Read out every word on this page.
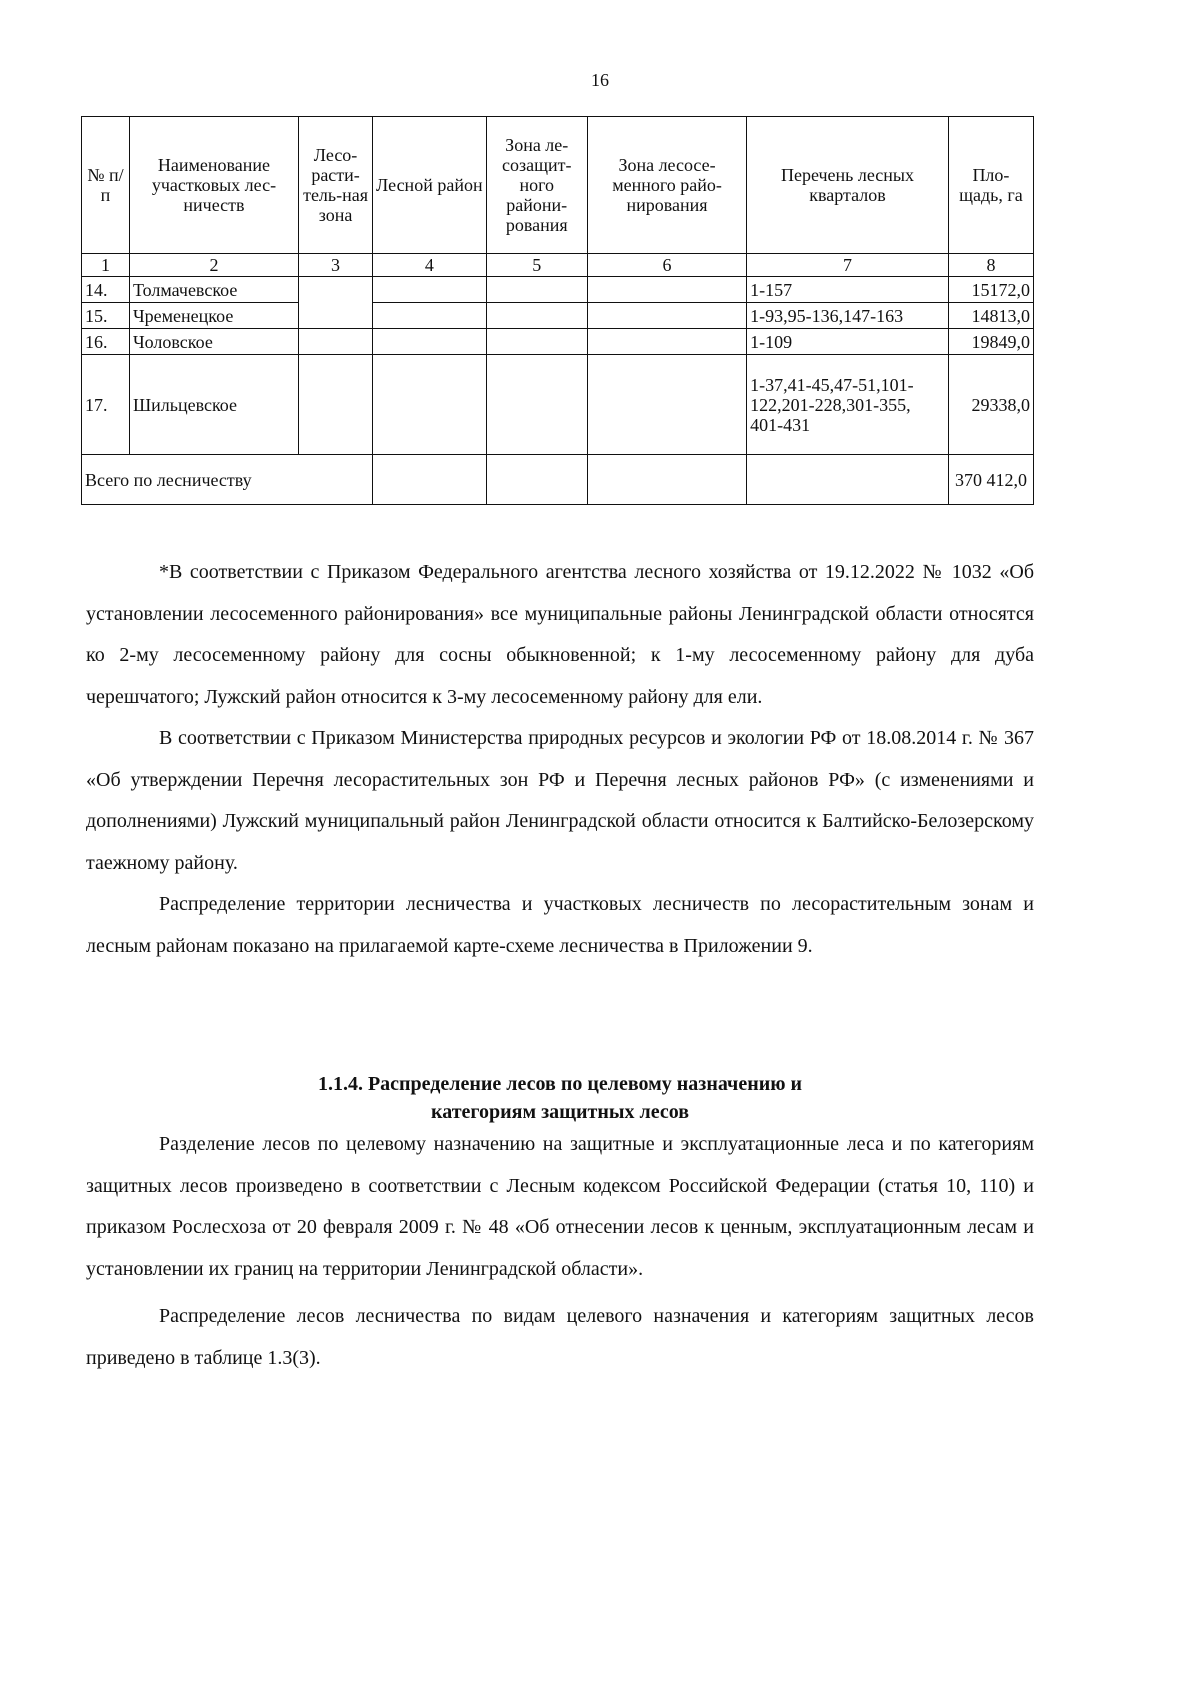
16
№ п/п	Наименование участковых лес-ничеств	Лесо-расти-тель-ная зона	Лесной район	Зона ле-созащит-ного райони-рования	Зона лесосе-менного райо-нирования	Перечень лесных кварталов	Пло-щадь, га
1	2	3	4	5	6	7	8
14.	Толмачевское					1-157	15172,0
15.	Чременецкое					1-93,95-136,147-163	14813,0
16.	Чоловское					1-109	19849,0
17.	Шильцевское					1-37,41-45,47-51,101-122,201-228,301-355, 401-431	29338,0
Всего по лесничеству							370 412,0

*В соответствии с Приказом Федерального агентства лесного хозяйства от 19.12.2022 № 1032 «Об установлении лесосеменного районирования» все муниципальные районы Ленинградской области относятся ко 2-му лесосеменному району для сосны обыкновенной; к 1-му лесосеменному району для дуба черешчатого; Лужский район относится к 3-му лесосеменному району для ели.

В соответствии с Приказом Министерства природных ресурсов и экологии РФ от 18.08.2014 г. № 367 «Об утверждении Перечня лесорастительных зон РФ и Перечня лесных районов РФ» (с изменениями и дополнениями) Лужский муниципальный район Ленинградской области относится к Балтийско-Белозерскому таежному району.

Распределение территории лесничества и участковых лесничеств по лесорастительным зонам и лесным районам показано на прилагаемой карте-схеме лесничества в Приложении 9.

1.1.4. Распределение лесов по целевому назначению и
категориям защитных лесов

Разделение лесов по целевому назначению на защитные и эксплуатационные леса и по категориям защитных лесов произведено в соответствии с Лесным кодексом Российской Федерации (статья 10, 110) и приказом Рослесхоза от 20 февраля 2009 г. № 48 «Об отнесении лесов к ценным, эксплуатационным лесам и установлении их границ на территории Ленинградской области».

Распределение лесов лесничества по видам целевого назначения и категориям защитных лесов приведено в таблице 1.3(3).
